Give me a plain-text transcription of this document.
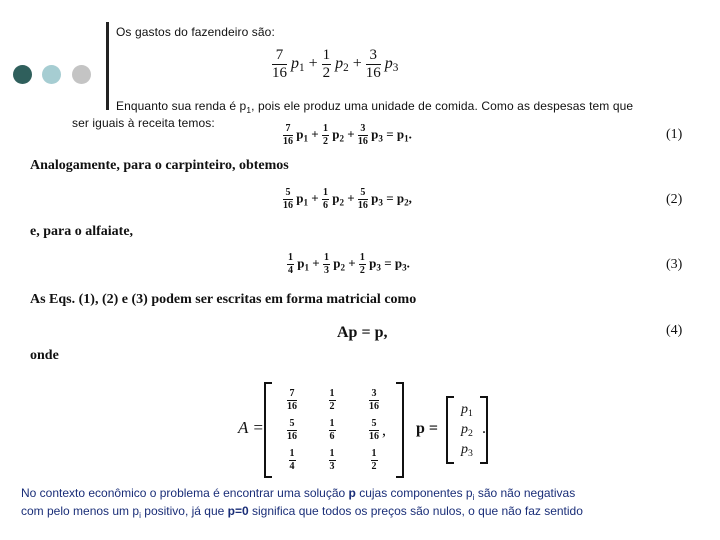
Os gastos do fazendeiro são:
$\frac{7}{16} p_1 + \frac{1}{2} p_2 + \frac{3}{16} p_3$
Enquanto sua renda é $p_1$, pois ele produz uma unidade de comida. Como as despesas tem que
ser iguais à receita temos:
$\frac{7}{16} p_1 + \frac{1}{2} p_2 + \frac{3}{16} p_3 = p_1$.	(1)
Analogamente, para o carpinteiro, obtemos
$\frac{5}{16} p_1 + \frac{1}{6} p_2 + \frac{5}{16} p_3 = p_2$,	(2)
e, para o alfaiate,
$\frac{1}{4} p_1 + \frac{1}{3} p_2 + \frac{1}{2} p_3 = p_3$.	(3)
As Eqs. (1), (2) e (3) podem ser escritas em forma matricial como
Ap = p,	(4)
onde
A =
$\frac{7}{16}$	$\frac{1}{2}$	$\frac{3}{16}$
$\frac{5}{16}$	$\frac{1}{6}$	$\frac{5}{16}$
$\frac{1}{4}$	$\frac{1}{3}$	$\frac{1}{2}$
, p =
$p_1$
$p_2$
$p_3$
.
No contexto econômico o problema é encontrar uma solução p cujas componentes $p_i$ são não negativas
com pelo menos um $p_i$ positivo, já que p=0 significa que todos os preços são nulos, o que não faz sentido
